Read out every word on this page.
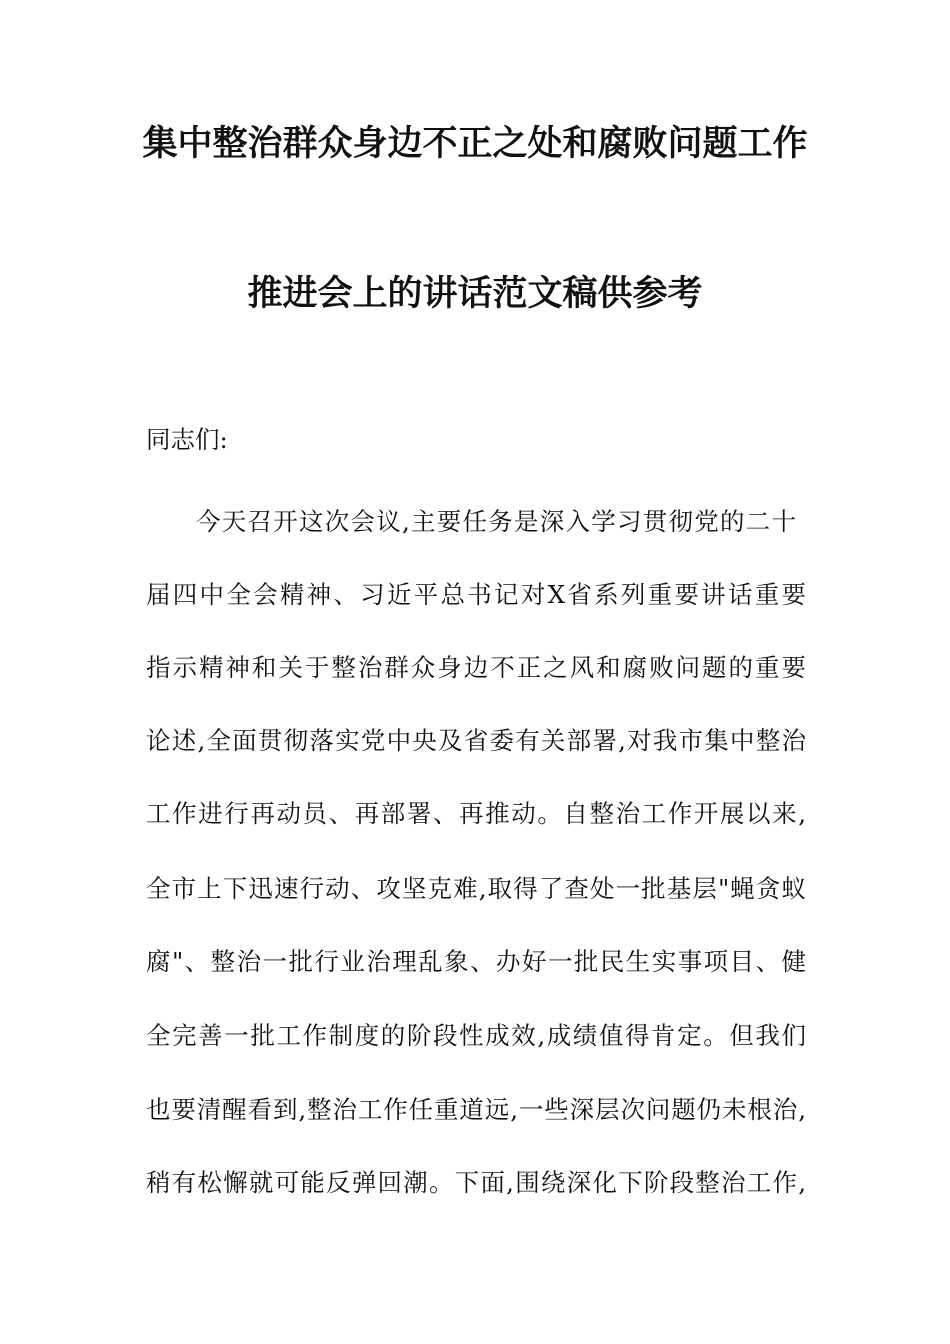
集中整治群众身边不正之处和腐败问题工作
推进会上的讲话范文稿供参考
同志们:
今天召开这次会议,主要任务是深入学习贯彻党的二十
届四中全会精神、习近平总书记对X省系列重要讲话重要
指示精神和关于整治群众身边不正之风和腐败问题的重要
论述,全面贯彻落实党中央及省委有关部署,对我市集中整治
工作进行再动员、再部署、再推动。自整治工作开展以来,
全市上下迅速行动、攻坚克难,取得了查处一批基层"蝇贪蚁
腐"、整治一批行业治理乱象、办好一批民生实事项目、健
全完善一批工作制度的阶段性成效,成绩值得肯定。但我们
也要清醒看到,整治工作任重道远,一些深层次问题仍未根治,
稍有松懈就可能反弹回潮。下面,围绕深化下阶段整治工作,
